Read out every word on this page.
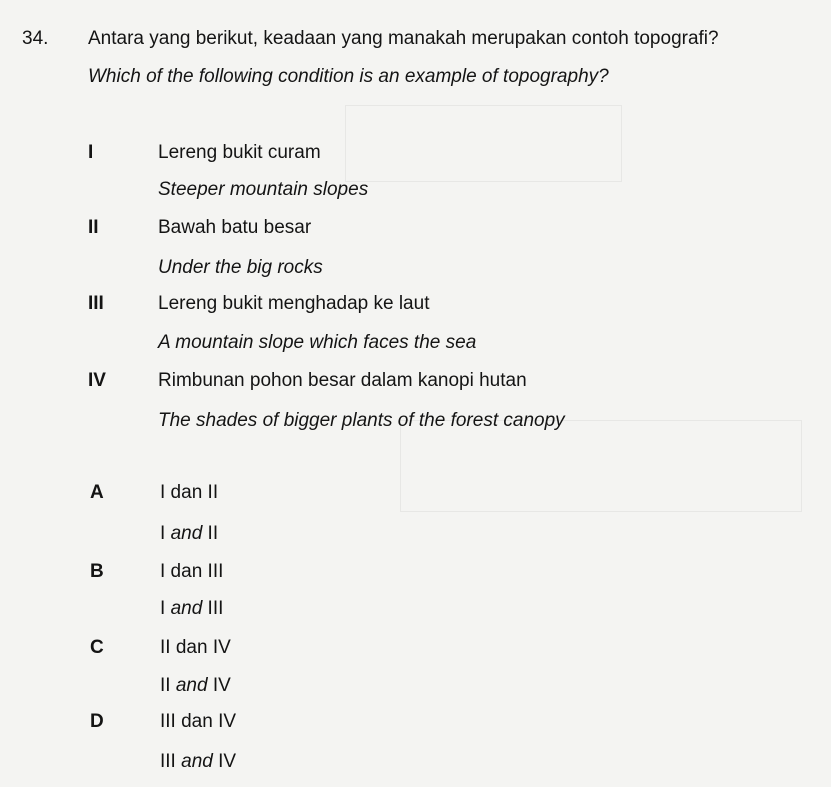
34. Antara yang berikut, keadaan yang manakah merupakan contoh topografi?
Which of the following condition is an example of topography?
I	Lereng bukit curam
Steeper mountain slopes
II	Bawah batu besar
Under the big rocks
III	Lereng bukit menghadap ke laut
A mountain slope which faces the sea
IV	Rimbunan pohon besar dalam kanopi hutan
The shades of bigger plants of the forest canopy
A	I dan II
I and II
B	I dan III
I and III
C	II dan IV
II and IV
D	III dan IV
III and IV
